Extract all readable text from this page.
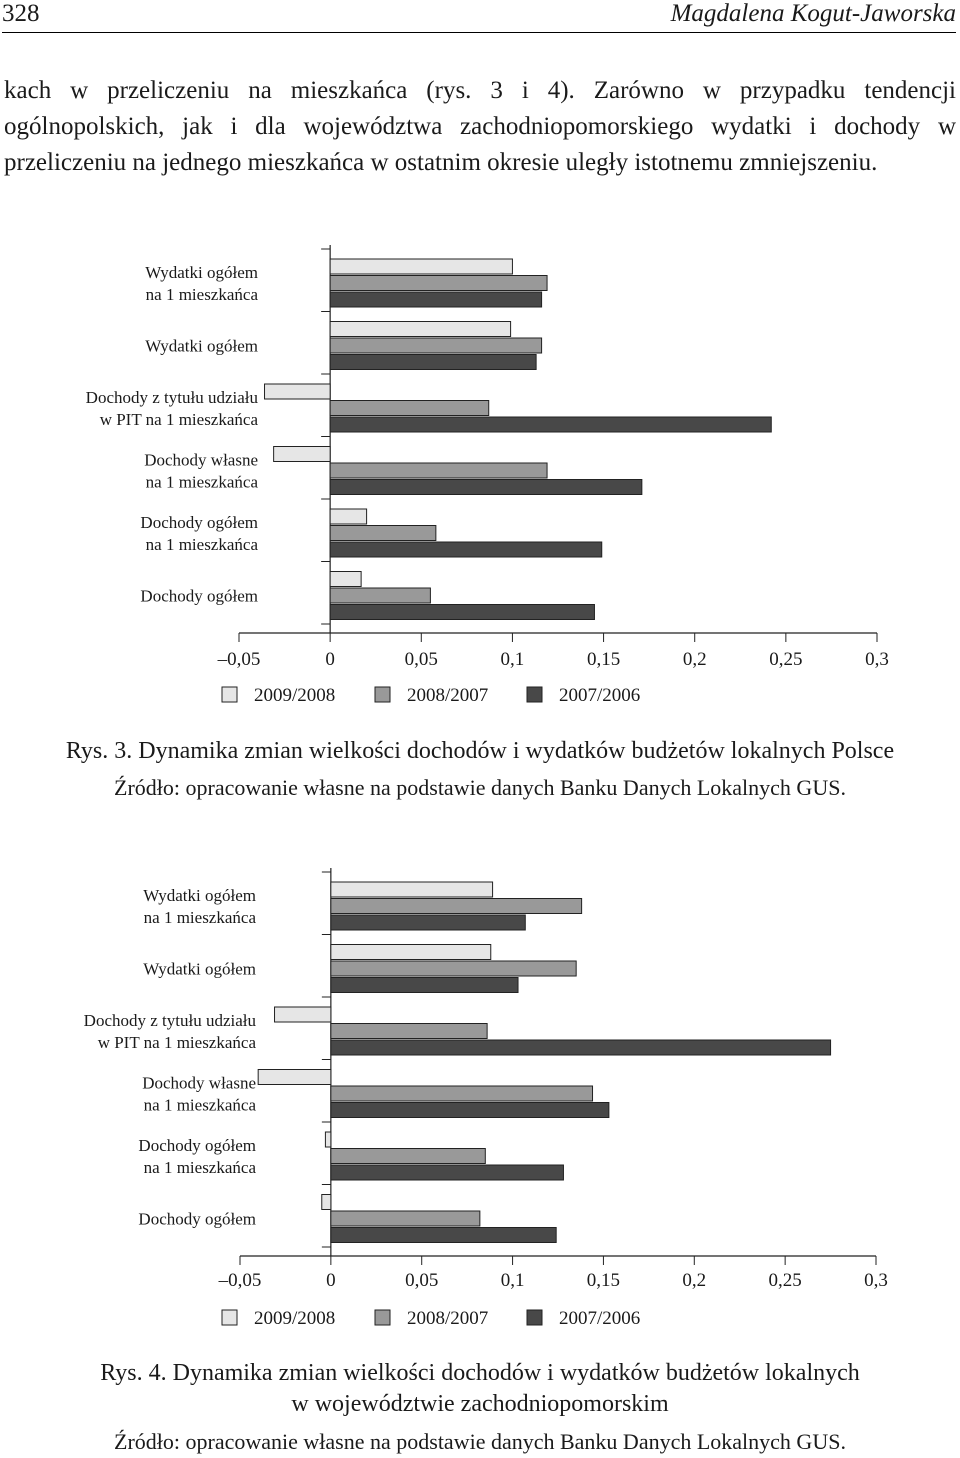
328	Magdalena Kogut-Jaworska

kach w przeliczeniu na mieszkańca (rys. 3 i 4). Zarówno w przypadku tendencji ogólnopolskich, jak i dla województwa zachodniopomorskiego wydatki i dochody w przeliczeniu na jednego mieszkańca w ostatnim okresie uległy istotnemu zmniejszeniu.

–0,05	0	0,05	0,1	0,15	0,2	0,25	0,3
Wydatki ogółem
na 1 mieszkańca
Wydatki ogółem
Dochody z tytułu udziału
w PIT na 1 mieszkańca
Dochody własne
na 1 mieszkańca
Dochody ogółem
na 1 mieszkańca
Dochody ogółem
2009/2008	2008/2007	2007/2006

Rys. 3. Dynamika zmian wielkości dochodów i wydatków budżetów lokalnych Polsce

Źródło: opracowanie własne na podstawie danych Banku Danych Lokalnych GUS.

–0,05	0	0,05	0,1	0,15	0,2	0,25	0,3
Wydatki ogółem
na 1 mieszkańca
Wydatki ogółem
Dochody z tytułu udziału
w PIT na 1 mieszkańca
Dochody własne
na 1 mieszkańca
Dochody ogółem
na 1 mieszkańca
Dochody ogółem
2009/2008	2008/2007	2007/2006

Rys. 4. Dynamika zmian wielkości dochodów i wydatków budżetów lokalnych

w województwie zachodniopomorskim

Źródło: opracowanie własne na podstawie danych Banku Danych Lokalnych GUS.
